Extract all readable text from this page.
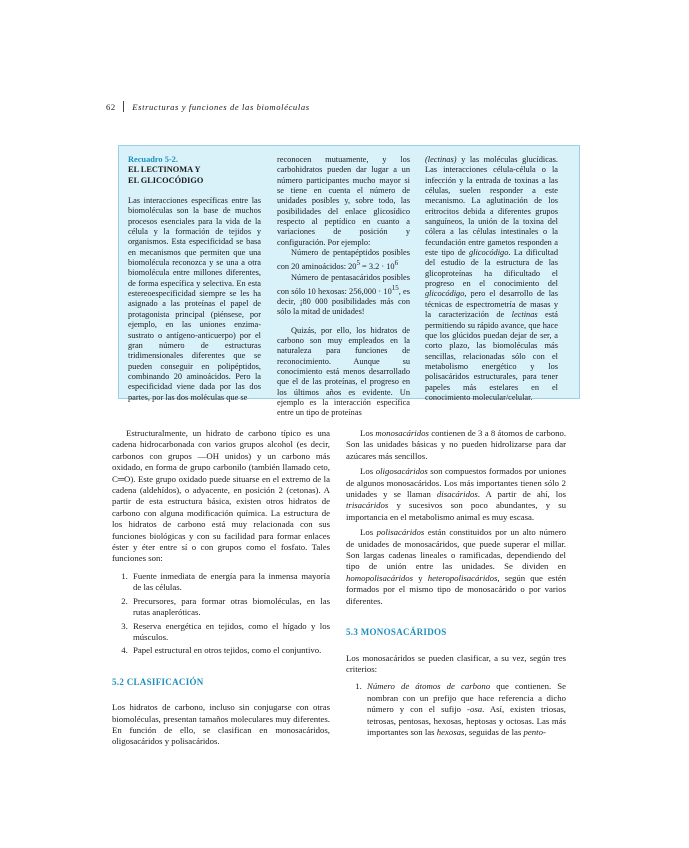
62 Estructuras y funciones de las biomoléculas

Recuadro 5-2.

EL LECTINOMA Y

EL GLICOCÓDIGO

Las interacciones específicas entre las biomoléculas son la base de muchos procesos esenciales para la vida de la célula y la formación de tejidos y organismos. Esta especificidad se basa en mecanismos que permiten que una biomolécula reconozca y se una a otra biomolécula entre millones diferentes, de forma específica y selectiva. En esta estereoespecificidad siempre se les ha asignado a las proteínas el papel de protagonista principal (piénsese, por ejemplo, en las uniones enzima-sustrato o antígeno-anticuerpo) por el gran número de estructuras tridimensionales diferentes que se pueden conseguir en polipéptidos, combinando 20 aminoácidos. Pero la especificidad viene dada por las dos partes, por las dos moléculas que se

reconocen mutuamente, y los carbohidratos pueden dar lugar a un número participantes mucho mayor si se tiene en cuenta el número de unidades posibles y, sobre todo, las posibilidades del enlace glicosídico respecto al peptídico en cuanto a variaciones de posición y configuración. Por ejemplo:

Número de pentapéptidos posibles con 20 aminoácidos: $20^5 = 3.2 \cdot 10^6$

Número de pentasacáridos posibles con sólo 10 hexosas: $256,000 \cdot 10^{15}$, es decir, ¡80 000 posibilidades más con sólo la mitad de unidades!

Quizás, por ello, los hidratos de carbono son muy empleados en la naturaleza para funciones de reconocimiento. Aunque su conocimiento está menos desarrollado que el de las proteínas, el progreso en los últimos años es evidente. Un ejemplo es la interacción específica entre un tipo de proteínas

(lectinas) y las moléculas glucídicas. Las interacciones célula-célula o la infección y la entrada de toxinas a las células, suelen responder a este mecanismo. La aglutinación de los eritrocitos debida a diferentes grupos sanguíneos, la unión de la toxina del cólera a las células intestinales o la fecundación entre gametos responden a este tipo de glicocódigo. La dificultad del estudio de la estructura de las glicoproteínas ha dificultado el progreso en el conocimiento del glicocódigo, pero el desarrollo de las técnicas de espectrometría de masas y la caracterización de lectinas está permitiendo su rápido avance, que hace que los glúcidos puedan dejar de ser, a corto plazo, las biomoléculas más sencillas, relacionadas sólo con el metabolismo energético y los polisacáridos estructurales, para tener papeles más estelares en el conocimiento molecular/celular.

Estructuralmente, un hidrato de carbono típico es una cadena hidrocarbonada con varios grupos alcohol (es decir, carbonos con grupos —OH unidos) y un carbono más oxidado, en forma de grupo carbonilo (también llamado ceto, C═O). Este grupo oxidado puede situarse en el extremo de la cadena (aldehídos), o adyacente, en posición 2 (cetonas). A partir de esta estructura básica, existen otros hidratos de carbono con alguna modificación química. La estructura de los hidratos de carbono está muy relacionada con sus funciones biológicas y con su facilidad para formar enlaces éster y éter entre sí o con grupos como el fosfato. Tales funciones son:

1. Fuente inmediata de energía para la inmensa mayoría de las células.
2. Precursores, para formar otras biomoléculas, en las rutas anapleróticas.
3. Reserva energética en tejidos, como el hígado y los músculos.
4. Papel estructural en otros tejidos, como el conjuntivo.

5.2 CLASIFICACIÓN

Los hidratos de carbono, incluso sin conjugarse con otras biomoléculas, presentan tamaños moleculares muy diferentes. En función de ello, se clasifican en monosacáridos, oligosacáridos y polisacáridos.

Los monosacáridos contienen de 3 a 8 átomos de carbono. Son las unidades básicas y no pueden hidrolizarse para dar azúcares más sencillos.

Los oligosacáridos son compuestos formados por uniones de algunos monosacáridos. Los más importantes tienen sólo 2 unidades y se llaman disacáridos. A partir de ahí, los trisacáridos y sucesivos son poco abundantes, y su importancia en el metabolismo animal es muy escasa.

Los polisacáridos están constituidos por un alto número de unidades de monosacáridos, que puede superar el millar. Son largas cadenas lineales o ramificadas, dependiendo del tipo de unión entre las unidades. Se dividen en homopolisacáridos y heteropolisacáridos, según que estén formados por el mismo tipo de monosacárido o por varios diferentes.

5.3 MONOSACÁRIDOS

Los monosacáridos se pueden clasificar, a su vez, según tres criterios:

1. Número de átomos de carbono que contienen. Se nombran con un prefijo que hace referencia a dicho número y con el sufijo -osa. Así, existen triosas, tetrosas, pentosas, hexosas, heptosas y octosas. Las más importantes son las hexosas, seguidas de las pento-
